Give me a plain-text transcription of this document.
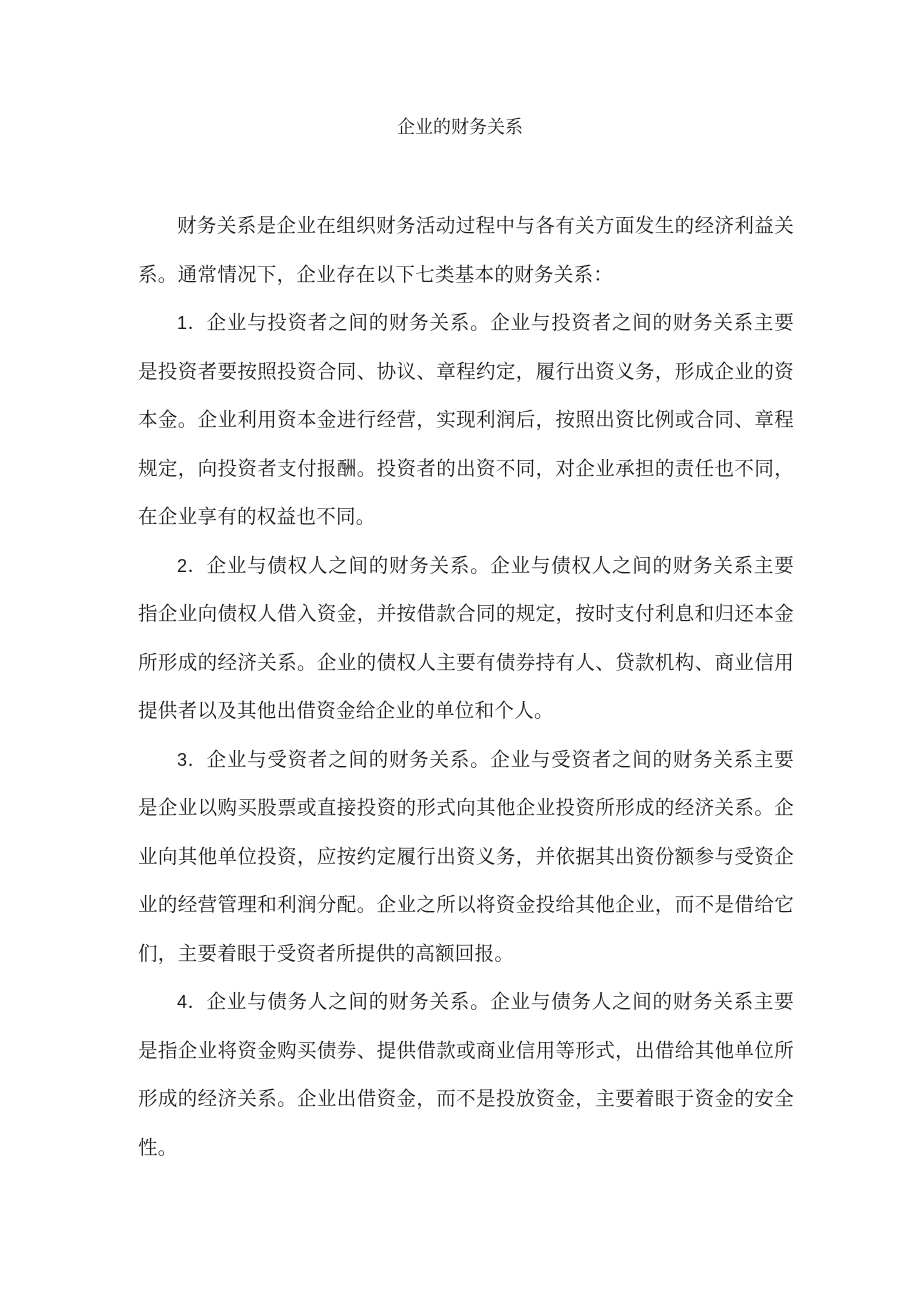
企业的财务关系

财务关系是企业在组织财务活动过程中与各有关方面发生的经济利益关系。通常情况下，企业存在以下七类基本的财务关系：

1．企业与投资者之间的财务关系。企业与投资者之间的财务关系主要是投资者要按照投资合同、协议、章程约定，履行出资义务，形成企业的资本金。企业利用资本金进行经营，实现利润后，按照出资比例或合同、章程规定，向投资者支付报酬。投资者的出资不同，对企业承担的责任也不同，在企业享有的权益也不同。

2．企业与债权人之间的财务关系。企业与债权人之间的财务关系主要指企业向债权人借入资金，并按借款合同的规定，按时支付利息和归还本金所形成的经济关系。企业的债权人主要有债券持有人、贷款机构、商业信用提供者以及其他出借资金给企业的单位和个人。

3．企业与受资者之间的财务关系。企业与受资者之间的财务关系主要是企业以购买股票或直接投资的形式向其他企业投资所形成的经济关系。企业向其他单位投资，应按约定履行出资义务，并依据其出资份额参与受资企业的经营管理和利润分配。企业之所以将资金投给其他企业，而不是借给它们，主要着眼于受资者所提供的高额回报。

4．企业与债务人之间的财务关系。企业与债务人之间的财务关系主要是指企业将资金购买债券、提供借款或商业信用等形式，出借给其他单位所形成的经济关系。企业出借资金，而不是投放资金，主要着眼于资金的安全性。
